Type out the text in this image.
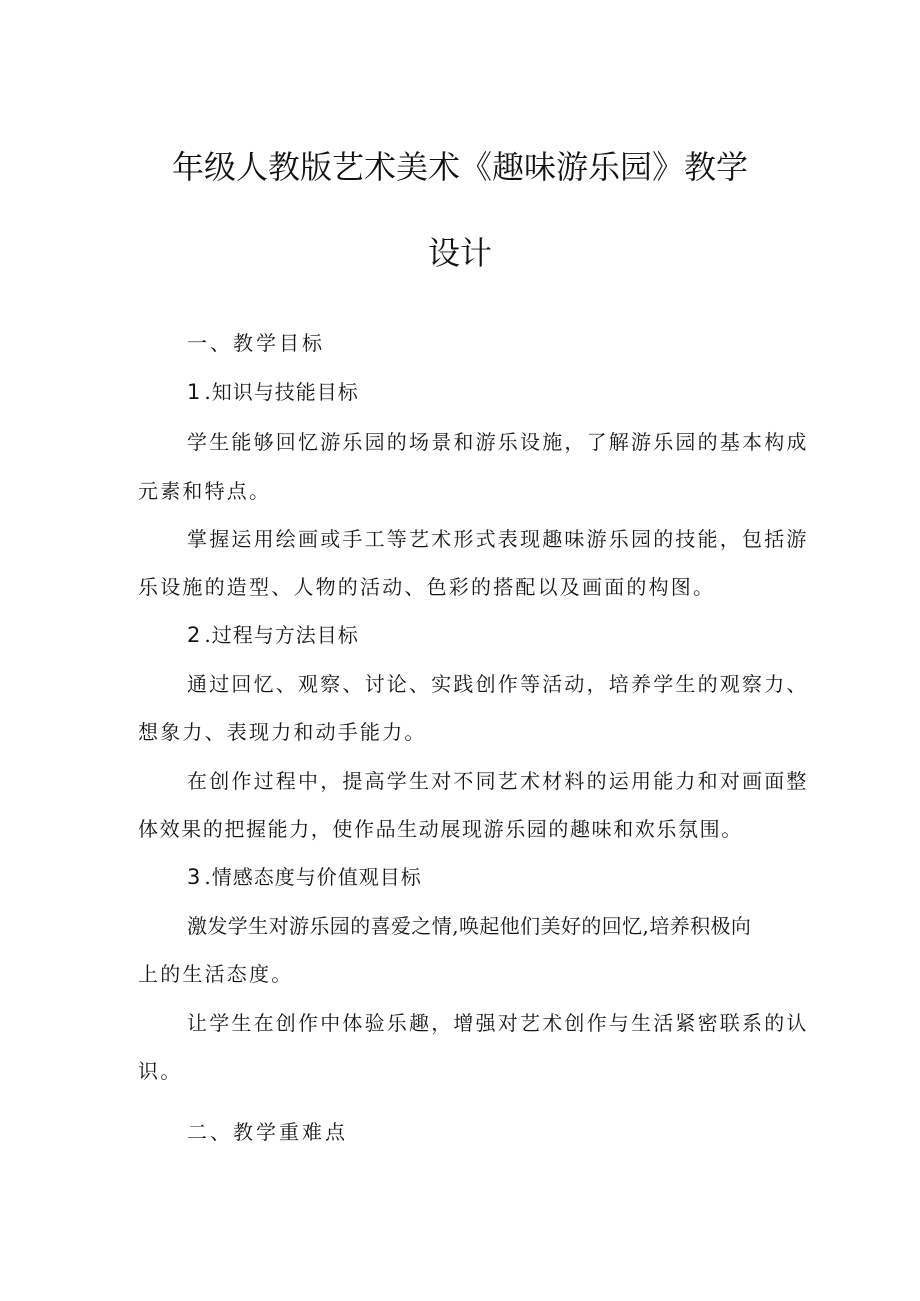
年级人教版艺术美术《趣味游乐园》教学
设计
一、教学目标
1 .知识与技能目标
学生能够回忆游乐园的场景和游乐设施，了解游乐园的基本构成
元素和特点。
掌握运用绘画或手工等艺术形式表现趣味游乐园的技能，包括游
乐设施的造型、人物的活动、色彩的搭配以及画面的构图。
2 .过程与方法目标
通过回忆、观察、讨论、实践创作等活动，培养学生的观察力、
想象力、表现力和动手能力。
在创作过程中，提高学生对不同艺术材料的运用能力和对画面整
体效果的把握能力，使作品生动展现游乐园的趣味和欢乐氛围。
3 .情感态度与价值观目标
激发学生对游乐园的喜爱之情,唤起他们美好的回忆,培养积极向
上的生活态度。
让学生在创作中体验乐趣，增强对艺术创作与生活紧密联系的认
识。
二、教学重难点
